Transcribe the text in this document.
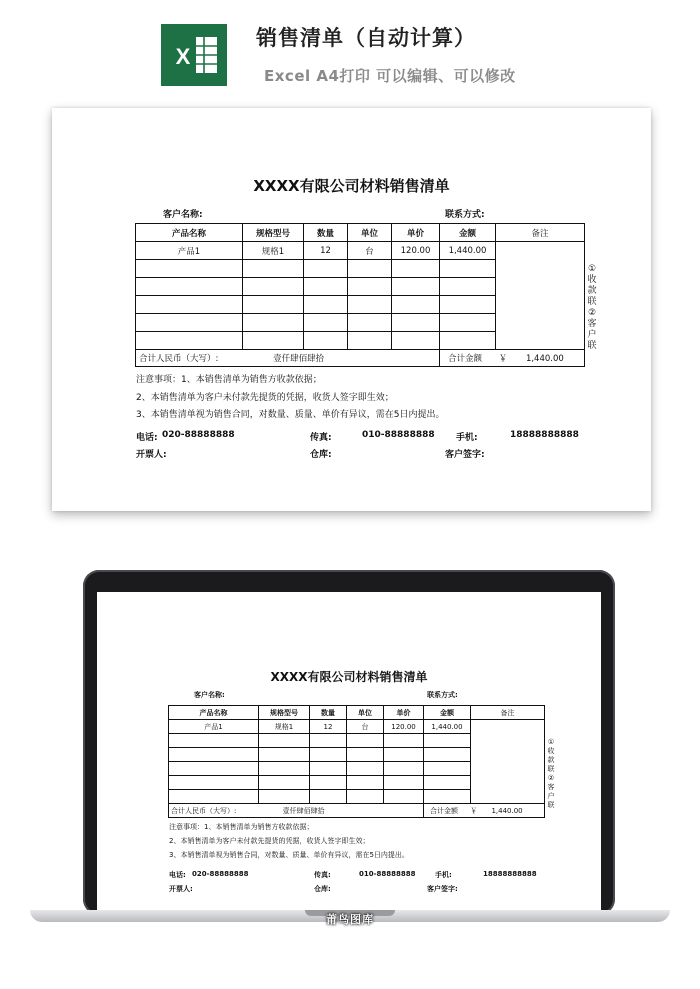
X
销售清单（自动计算）
Excel A4打印 可以编辑、可以修改
XXXX有限公司材料销售清单
客户名称:	联系方式:
产品名称	规格型号	数量	单位	单价	金额	备注
产品1	规格1	12	台	120.00	1,440.00	

合计人民币（大写）: 壹仟肆佰肆拾					合计金额 ￥ 1,440.00	
①收款联②客户联
注意事项：1、本销售清单为销售方收款依据；
2、本销售清单为客户未付款先提货的凭据，收货人签字即生效；
3、本销售清单视为销售合同，对数量、质量、单价有异议，需在5日内提出。
电话: 020-88888888	传真:	010-88888888 手机:	18888888888
开票人:	仓库:	客户签字:
XXXX有限公司材料销售清单
客户名称:	联系方式:
产品名称	规格型号	数量	单位	单价	金额	备注
产品1	规格1	12	台	120.00	1,440.00	

合计人民币（大写）: 壹仟肆佰肆拾					合计金额 ￥ 1,440.00	
①收款联②客户联
注意事项：1、本销售清单为销售方收款依据；
2、本销售清单为客户未付款先提货的凭据，收货人签字即生效；
3、本销售清单视为销售合同，对数量、质量、单价有异议，需在5日内提出。
电话: 020-88888888	传真:	010-88888888	手机:	18888888888
开票人:	仓库:	客户签字:
莆鸟图库
